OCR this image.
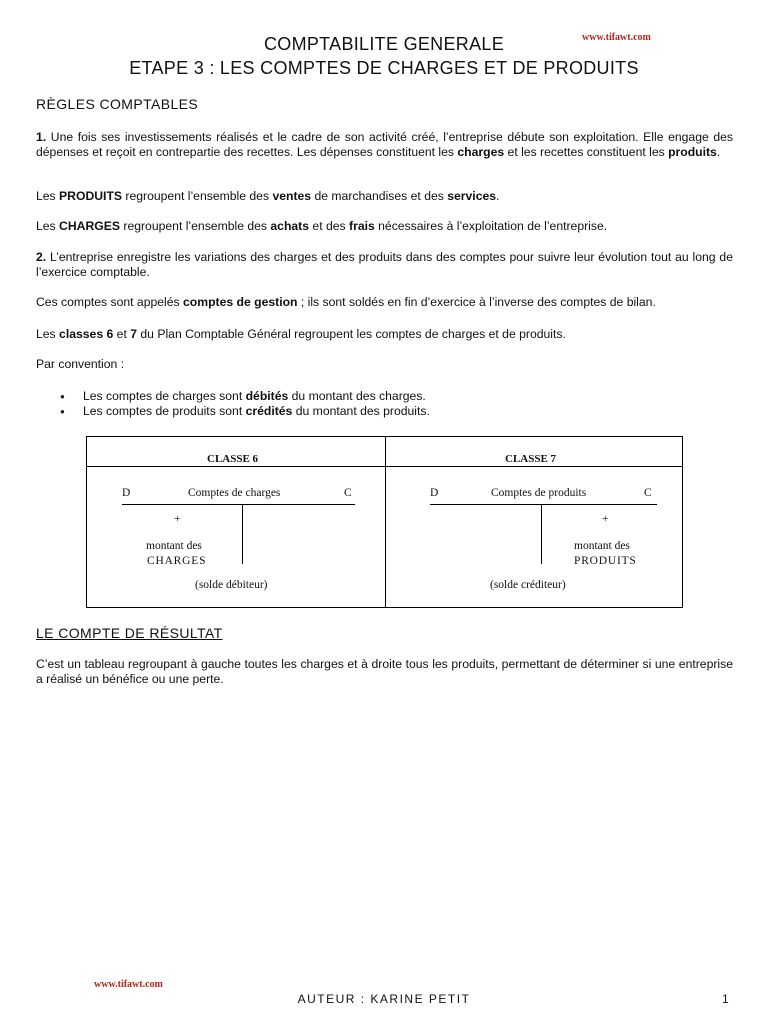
www.tifawt.com
COMPTABILITE GENERALE
ETAPE 3 : LES COMPTES DE CHARGES ET DE PRODUITS
RÈGLES COMPTABLES

1. Une fois ses investissements réalisés et le cadre de son activité créé, l’entreprise débute son exploitation. Elle engage des dépenses et reçoit en contrepartie des recettes. Les dépenses constituent les charges et les recettes constituent les produits.

Les PRODUITS regroupent l’ensemble des ventes de marchandises et des services.

Les CHARGES regroupent l’ensemble des achats et des frais nécessaires à l’exploitation de l’entreprise.

2. L’entreprise enregistre les variations des charges et des produits dans des comptes pour suivre leur évolution tout au long de l’exercice comptable.

Ces comptes sont appelés comptes de gestion ; ils sont soldés en fin d’exercice à l’inverse des comptes de bilan.

Les classes 6 et 7 du Plan Comptable Général regroupent les comptes de charges et de produits.

Par convention :

● Les comptes de charges sont débités du montant des charges.
● Les comptes de produits sont crédités du montant des produits.
CLASSE 6
D	Comptes de charges	C
+
montant des
CHARGES
(solde débiteur)
CLASSE 7
D	Comptes de produits	C
+
montant des
PRODUITS
(solde créditeur)
LE COMPTE DE RÉSULTAT

C’est un tableau regroupant à gauche toutes les charges et à droite tous les produits, permettant de déterminer si une entreprise a réalisé un bénéfice ou une perte.

www.tifawt.com
AUTEUR : KARINE PETIT	1
